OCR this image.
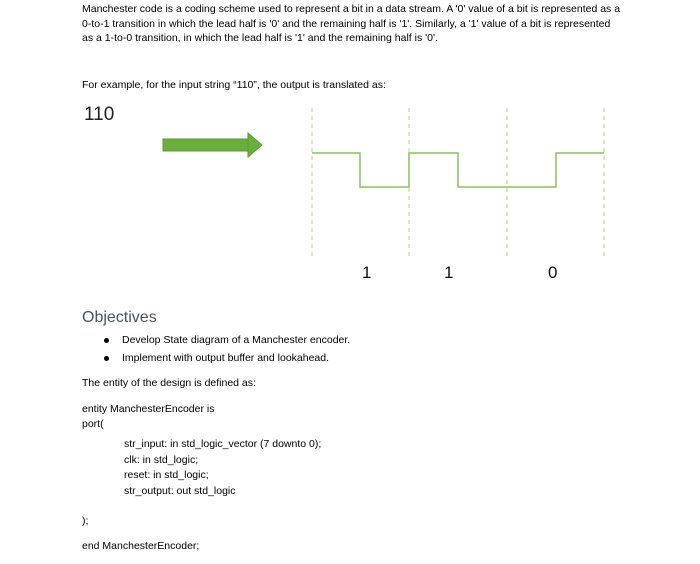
Manchester code is a coding scheme used to represent a bit in a data stream. A '0' value of a bit is represented as a 0-to-1 transition in which the lead half is '0' and the remaining half is '1'. Similarly, a '1' value of a bit is represented as a 1-to-0 transition, in which the lead half is '1' and the remaining half is '0'.

For example, for the input string “110”, the output is translated as:

110
1	1	0
Objectives
Develop State diagram of a Manchester encoder.
Implement with output buffer and lookahead.
The entity of the design is defined as:
entity ManchesterEncoder is
port(
str_input: in std_logic_vector (7 downto 0);
clk: in std_logic;
reset: in std_logic;
str_output: out std_logic
);
end ManchesterEncoder;
